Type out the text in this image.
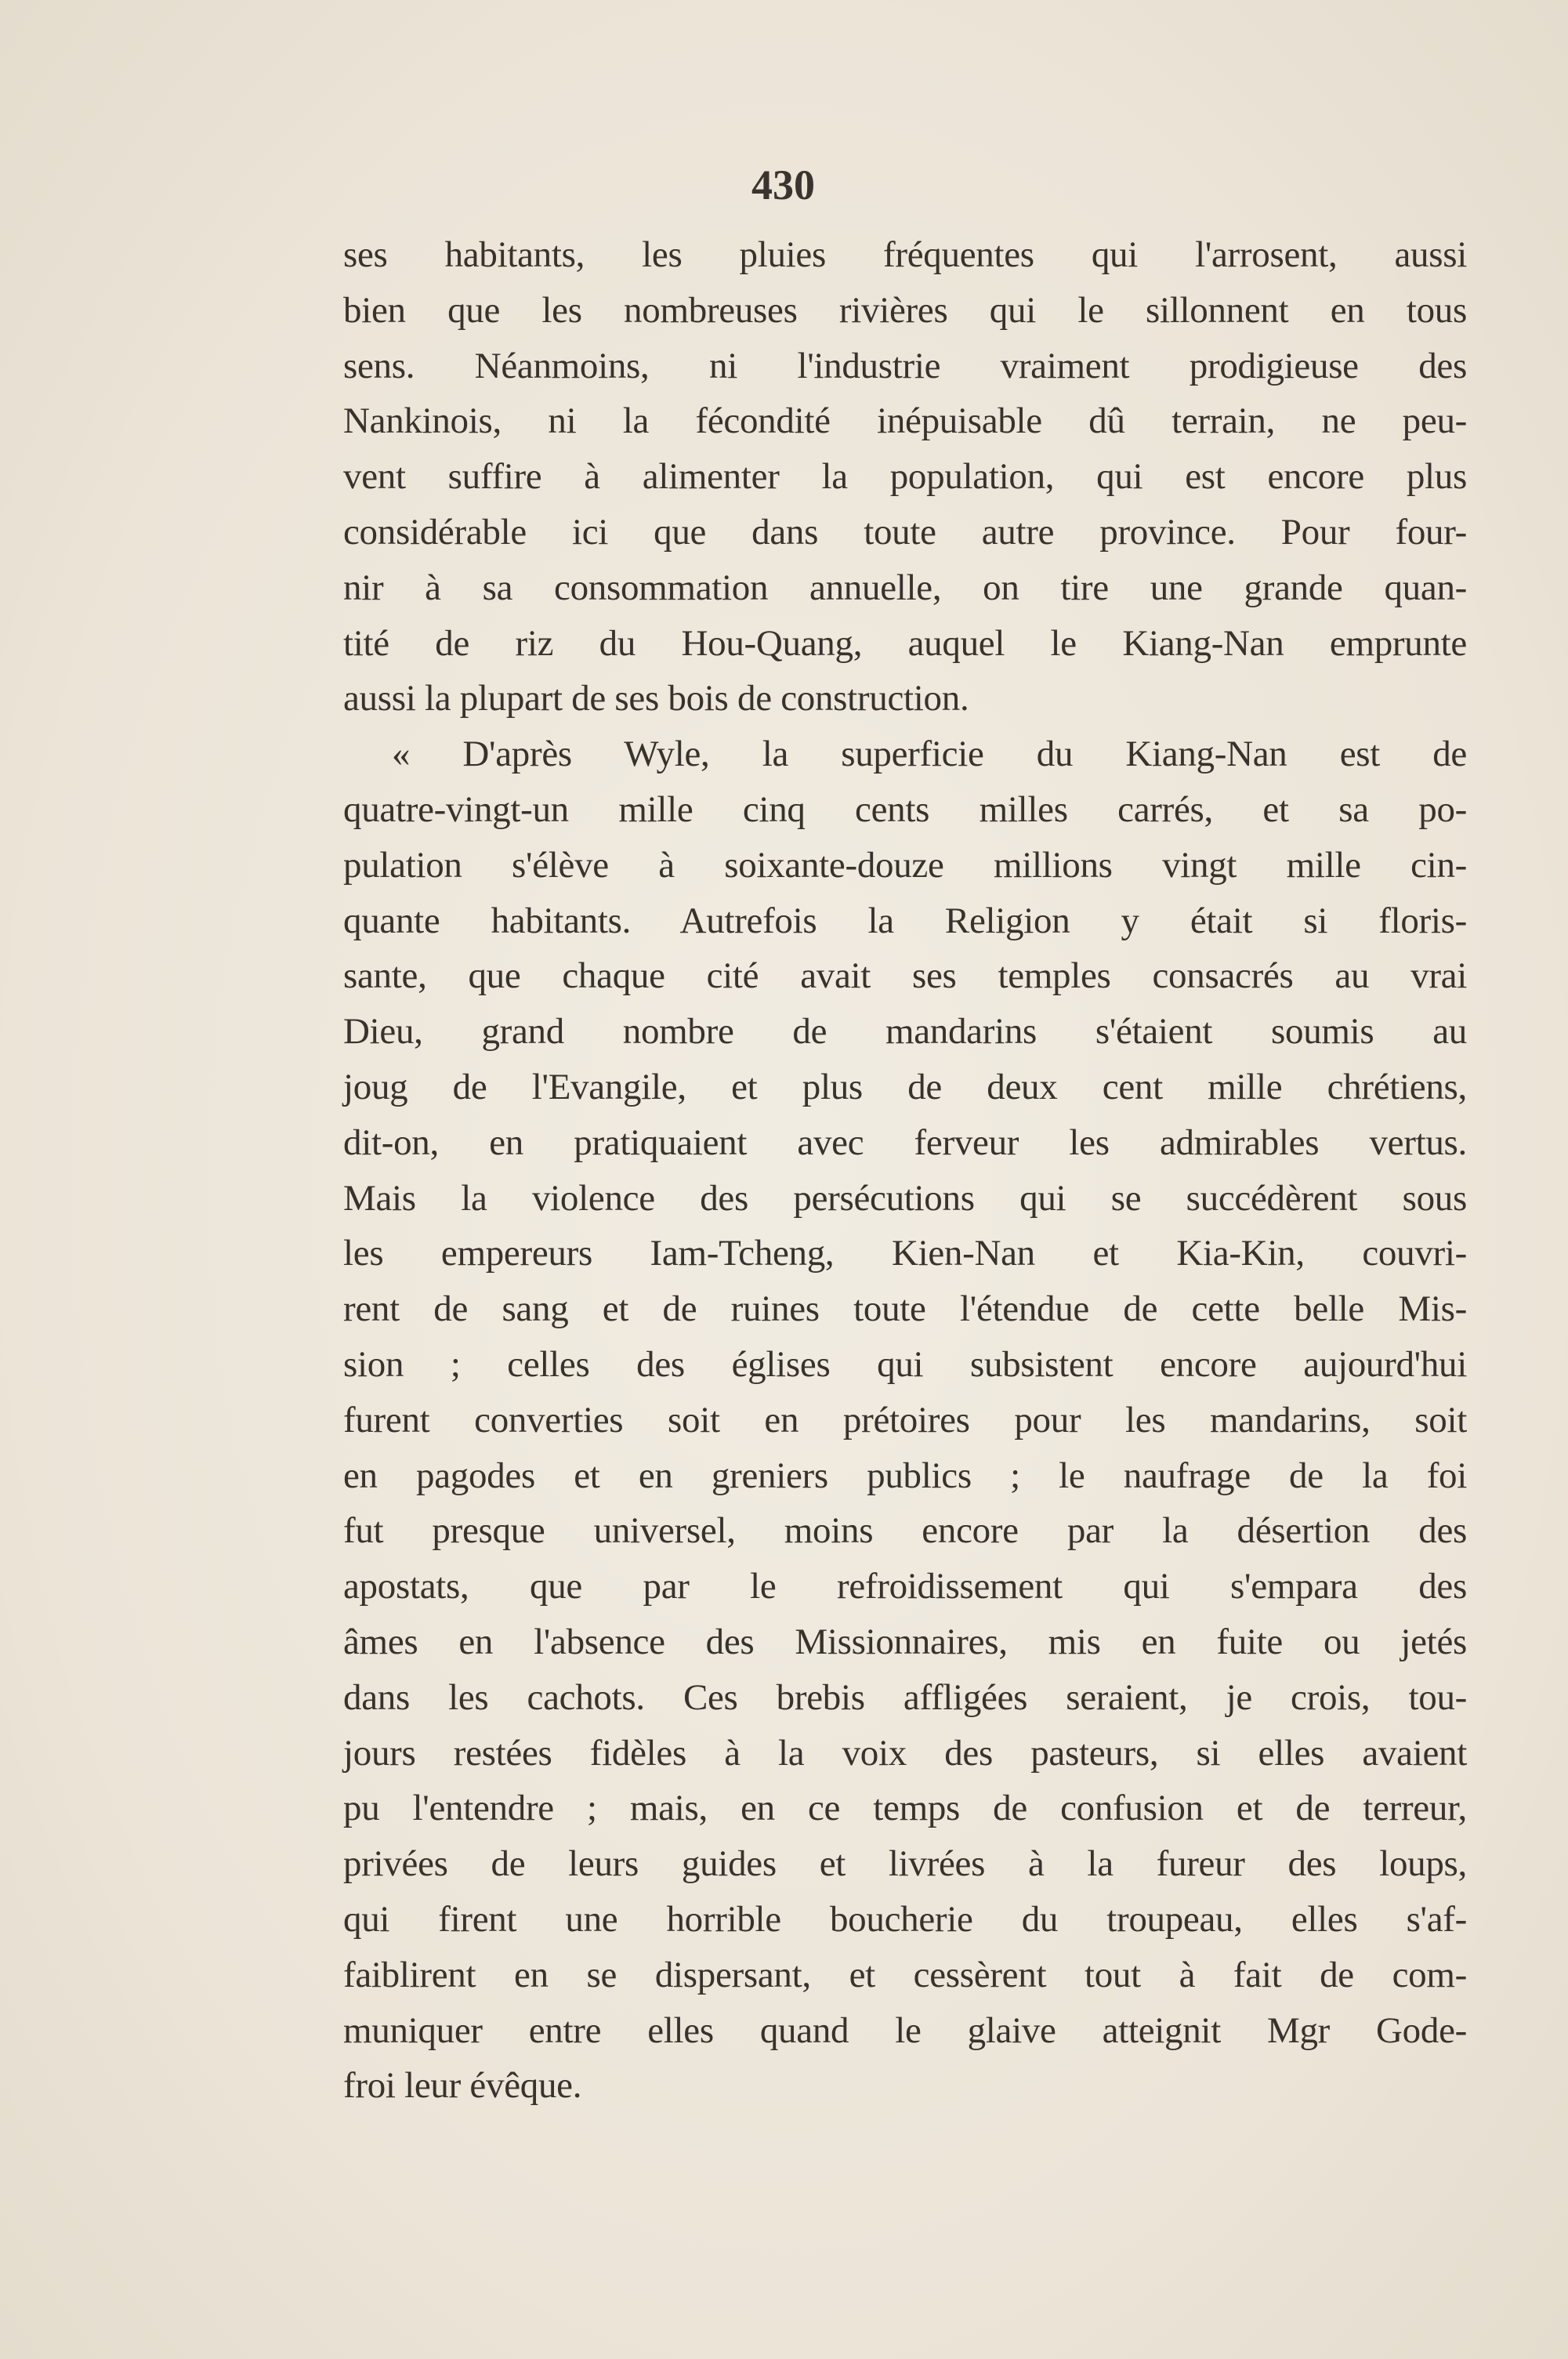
430
ses habitants, les pluies fréquentes qui l'arrosent, aussi
bien que les nombreuses rivières qui le sillonnent en tous
sens. Néanmoins, ni l'industrie vraiment prodigieuse des
Nankinois, ni la fécondité inépuisable dû terrain, ne peu-
vent suffire à alimenter la population, qui est encore plus
considérable ici que dans toute autre province. Pour four-
nir à sa consommation annuelle, on tire une grande quan-
tité de riz du Hou-Quang, auquel le Kiang-Nan emprunte
aussi la plupart de ses bois de construction.
« D'après Wyle, la superficie du Kiang-Nan est de
quatre-vingt-un mille cinq cents milles carrés, et sa po-
pulation s'élève à soixante-douze millions vingt mille cin-
quante habitants. Autrefois la Religion y était si floris-
sante, que chaque cité avait ses temples consacrés au vrai
Dieu, grand nombre de mandarins s'étaient soumis au
joug de l'Evangile, et plus de deux cent mille chrétiens,
dit-on, en pratiquaient avec ferveur les admirables vertus.
Mais la violence des persécutions qui se succédèrent sous
les empereurs Iam-Tcheng, Kien-Nan et Kia-Kin, couvri-
rent de sang et de ruines toute l'étendue de cette belle Mis-
sion ; celles des églises qui subsistent encore aujourd'hui
furent converties soit en prétoires pour les mandarins, soit
en pagodes et en greniers publics ; le naufrage de la foi
fut presque universel, moins encore par la désertion des
apostats, que par le refroidissement qui s'empara des
âmes en l'absence des Missionnaires, mis en fuite ou jetés
dans les cachots. Ces brebis affligées seraient, je crois, tou-
jours restées fidèles à la voix des pasteurs, si elles avaient
pu l'entendre ; mais, en ce temps de confusion et de terreur,
privées de leurs guides et livrées à la fureur des loups,
qui firent une horrible boucherie du troupeau, elles s'af-
faiblirent en se dispersant, et cessèrent tout à fait de com-
muniquer entre elles quand le glaive atteignit Mgr Gode-
froi leur évêque.
